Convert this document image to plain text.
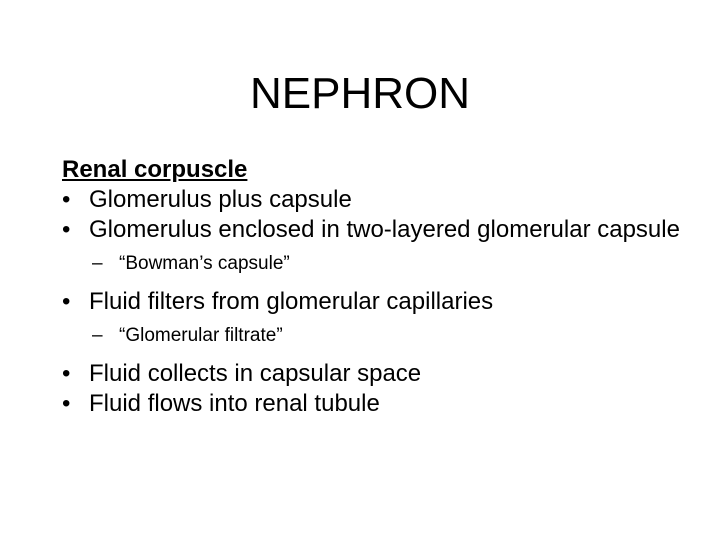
NEPHRON

Renal corpuscle

• Glomerulus plus capsule
• Glomerulus enclosed in two-layered glomerular capsule
– “Bowman’s capsule”
• Fluid filters from glomerular capillaries
– “Glomerular filtrate”
• Fluid collects in capsular space
• Fluid flows into renal tubule
